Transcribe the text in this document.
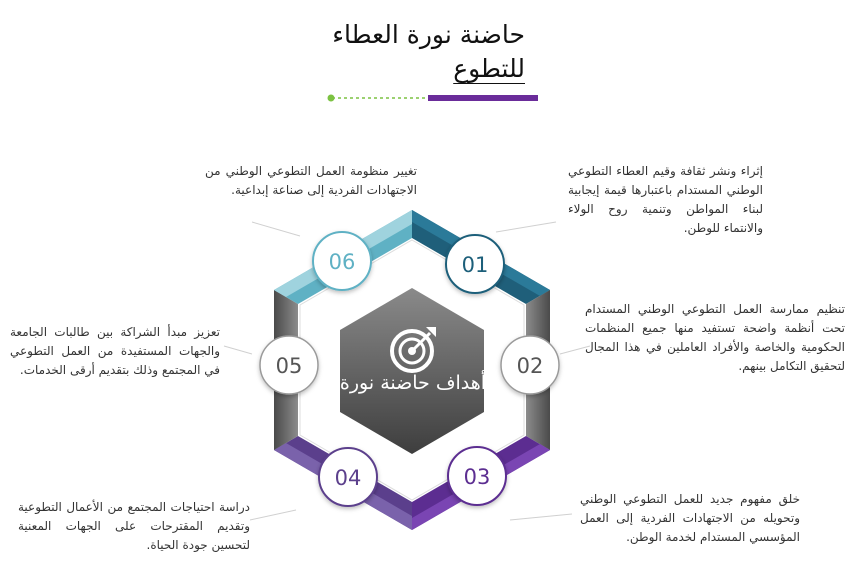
حاضنة نورة العطاء
للتطوع
01
02
03
04
05
06
أهداف حاضنة نورة
إثراء ونشر ثقافة وقيم العطاء التطوعي الوطني المستدام باعتبارها قيمة إيجابية لبناء المواطن وتنمية روح الولاء والانتماء للوطن.
تنظيم ممارسة العمل التطوعي الوطني المستدام تحت أنظمة واضحة تستفيد منها جميع المنظمات الحكومية والخاصة والأفراد العاملين في هذا المجال لتحقيق التكامل بينهم.
خلق مفهوم جديد للعمل التطوعي الوطني وتحويله من الاجتهادات الفردية إلى العمل المؤسسي المستدام لخدمة الوطن.
دراسة احتياجات المجتمع من الأعمال التطوعية وتقديم المقترحات على الجهات المعنية لتحسين جودة الحياة.
تعزيز مبدأ الشراكة بين طالبات الجامعة والجهات المستفيدة من العمل التطوعي في المجتمع وذلك بتقديم أرقى الخدمات.
تغيير منظومة العمل التطوعي الوطني من الاجتهادات الفردية إلى صناعة إبداعية.
